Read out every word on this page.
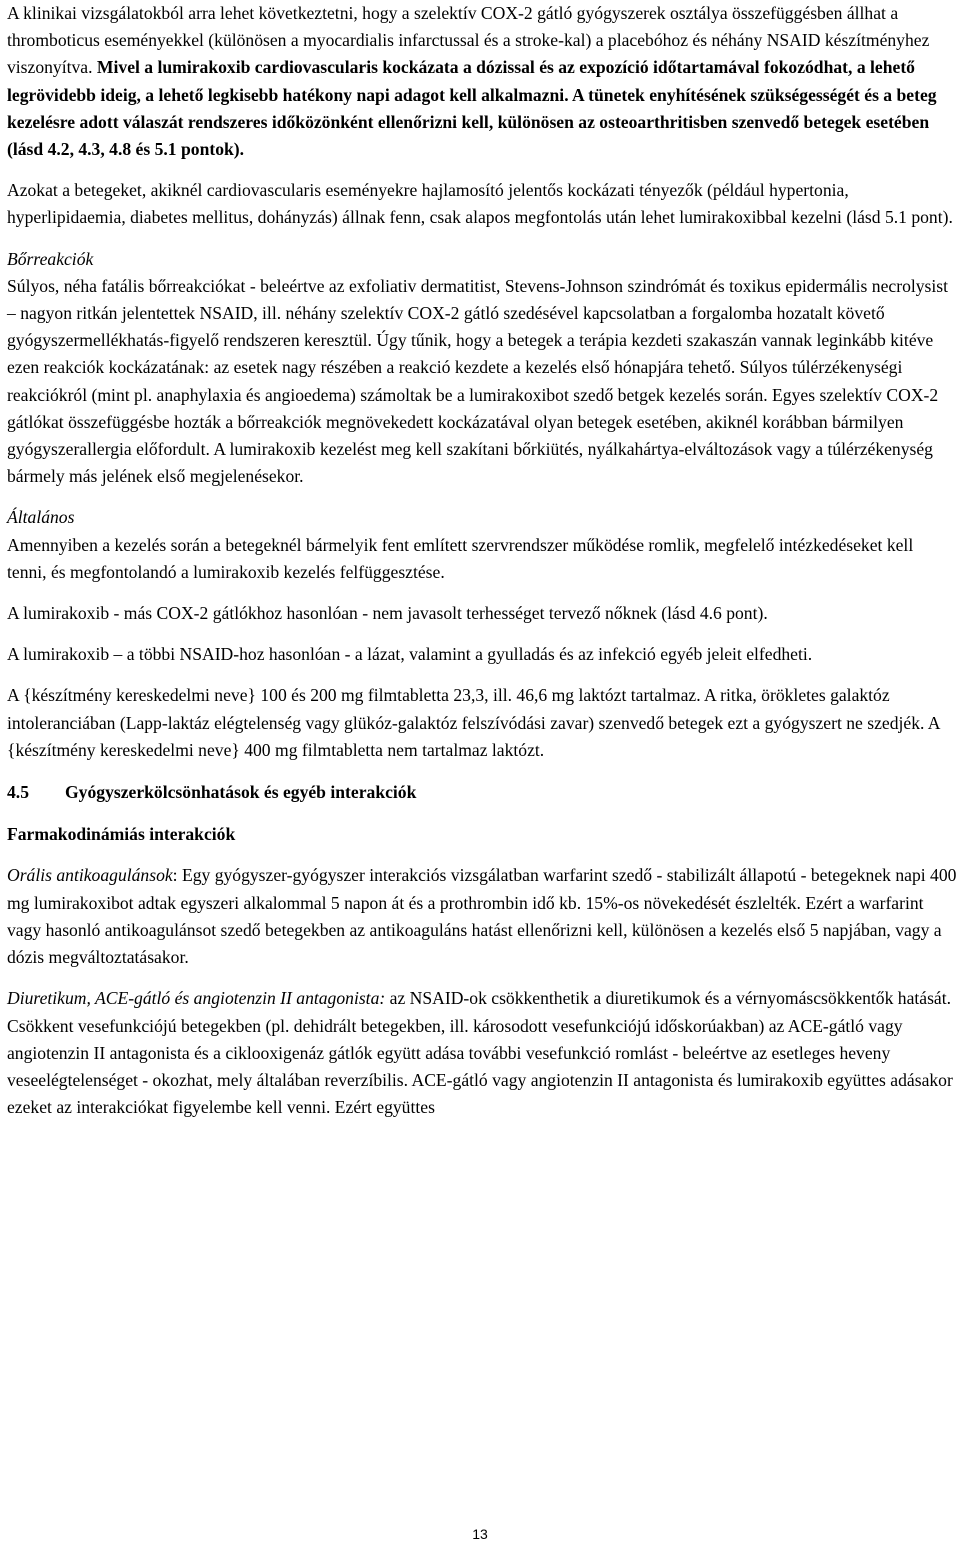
A klinikai vizsgálatokból arra lehet következtetni, hogy a szelektív COX-2 gátló gyógyszerek osztálya összefüggésben állhat a thromboticus eseményekkel (különösen a myocardialis infarctussal és a stroke-kal) a placebóhoz és néhány NSAID készítményhez viszonyítva. Mivel a lumirakoxib cardiovascularis kockázata a dózissal és az expozíció időtartamával fokozódhat, a lehető legrövidebb ideig, a lehető legkisebb hatékony napi adagot kell alkalmazni. A tünetek enyhítésének szükségességét és a beteg kezelésre adott válaszát rendszeres időközönként ellenőrizni kell, különösen az osteoarthritisben szenvedő betegek esetében (lásd 4.2, 4.3, 4.8 és 5.1 pontok).

Azokat a betegeket, akiknél cardiovascularis eseményekre hajlamosító jelentős kockázati tényezők (például hypertonia, hyperlipidaemia, diabetes mellitus, dohányzás) állnak fenn, csak alapos megfontolás után lehet lumirakoxibbal kezelni (lásd 5.1 pont).

Bőrreakciók

Súlyos, néha fatális bőrreakciókat - beleértve az exfoliativ dermatitist, Stevens-Johnson szindrómát és toxikus epidermális necrolysist – nagyon ritkán jelentettek NSAID, ill. néhány szelektív COX-2 gátló szedésével kapcsolatban a forgalomba hozatalt követő gyógyszermellékhatás-figyelő rendszeren keresztül. Úgy tűnik, hogy a betegek a terápia kezdeti szakaszán vannak leginkább kitéve ezen reakciók kockázatának: az esetek nagy részében a reakció kezdete a kezelés első hónapjára tehető. Súlyos túlérzékenységi reakciókról (mint pl. anaphylaxia és angioedema) számoltak be a lumirakoxibot szedő betgek kezelés során. Egyes szelektív COX-2 gátlókat összefüggésbe hozták a bőrreakciók megnövekedett kockázatával olyan betegek esetében, akiknél korábban bármilyen gyógyszerallergia előfordult. A lumirakoxib kezelést meg kell szakítani bőrkiütés, nyálkahártya-elváltozások vagy a túlérzékenység bármely más jelének első megjelenésekor.

Általános

Amennyiben a kezelés során a betegeknél bármelyik fent említett szervrendszer működése romlik, megfelelő intézkedéseket kell tenni, és megfontolandó a lumirakoxib kezelés felfüggesztése.

A lumirakoxib - más COX-2 gátlókhoz hasonlóan - nem javasolt terhességet tervező nőknek (lásd 4.6 pont).

A lumirakoxib – a többi NSAID-hoz hasonlóan - a lázat, valamint a gyulladás és az infekció egyéb jeleit elfedheti.

A {készítmény kereskedelmi neve} 100 és 200 mg filmtabletta 23,3, ill. 46,6 mg laktózt tartalmaz. A ritka, örökletes galaktóz intoleranciában (Lapp-laktáz elégtelenség vagy glükóz-galaktóz felszívódási zavar) szenvedő betegek ezt a gyógyszert ne szedjék. A {készítmény kereskedelmi neve} 400 mg filmtabletta nem tartalmaz laktózt.

4.5 Gyógyszerkölcsönhatások és egyéb interakciók

Farmakodinámiás interakciók

Orális antikoagulánsok: Egy gyógyszer-gyógyszer interakciós vizsgálatban warfarint szedő - stabilizált állapotú - betegeknek napi 400 mg lumirakoxibot adtak egyszeri alkalommal 5 napon át és a prothrombin idő kb. 15%-os növekedését észlelték. Ezért a warfarint vagy hasonló antikoagulánsot szedő betegekben az antikoaguláns hatást ellenőrizni kell, különösen a kezelés első 5 napjában, vagy a dózis megváltoztatásakor.

Diuretikum, ACE-gátló és angiotenzin II antagonista: az NSAID-ok csökkenthetik a diuretikumok és a vérnyomáscsökkentők hatását. Csökkent vesefunkciójú betegekben (pl. dehidrált betegekben, ill. károsodott vesefunkciójú időskorúakban) az ACE-gátló vagy angiotenzin II antagonista és a ciklooxigenáz gátlók együtt adása további vesefunkció romlást - beleértve az esetleges heveny veseelégtelenséget - okozhat, mely általában reverzíbilis. ACE-gátló vagy angiotenzin II antagonista és lumirakoxib együttes adásakor ezeket az interakciókat figyelembe kell venni. Ezért együttes

13
